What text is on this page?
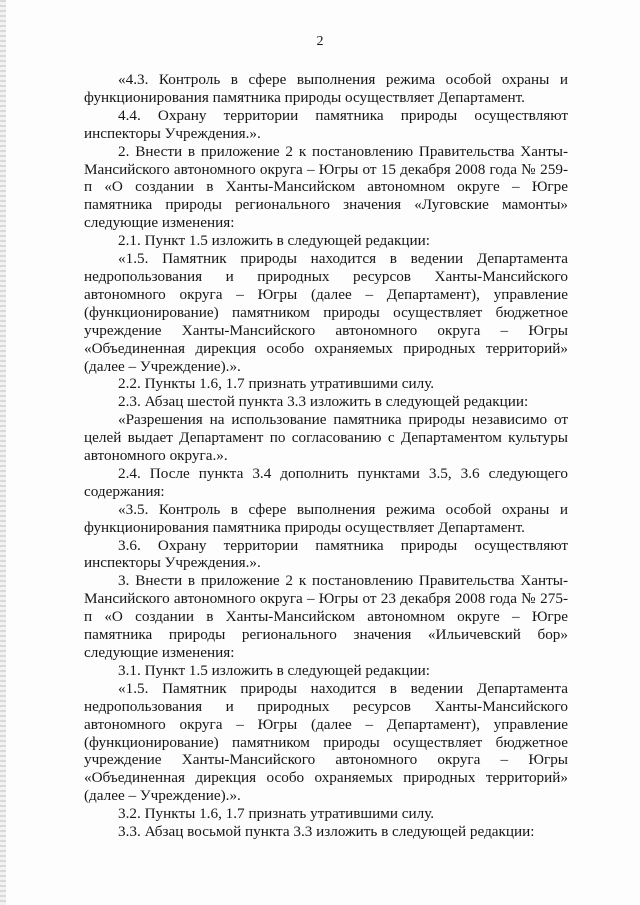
2

«4.3. Контроль в сфере выполнения режима особой охраны и функционирования памятника природы осуществляет Департамент.

4.4. Охрану территории памятника природы осуществляют инспекторы Учреждения.».

2. Внести в приложение 2 к постановлению Правительства Ханты-Мансийского автономного округа – Югры от 15 декабря 2008 года № 259-п «О создании в Ханты-Мансийском автономном округе – Югре памятника природы регионального значения «Луговские мамонты» следующие изменения:

2.1. Пункт 1.5 изложить в следующей редакции:

«1.5. Памятник природы находится в ведении Департамента недропользования и природных ресурсов Ханты-Мансийского автономного округа – Югры (далее – Департамент), управление (функционирование) памятником природы осуществляет бюджетное учреждение Ханты-Мансийского автономного округа – Югры «Объединенная дирекция особо охраняемых природных территорий» (далее – Учреждение).».

2.2. Пункты 1.6, 1.7 признать утратившими силу.

2.3. Абзац шестой пункта 3.3 изложить в следующей редакции:

«Разрешения на использование памятника природы независимо от целей выдает Департамент по согласованию с Департаментом культуры автономного округа.».

2.4. После пункта 3.4 дополнить пунктами 3.5, 3.6 следующего содержания:

«3.5. Контроль в сфере выполнения режима особой охраны и функционирования памятника природы осуществляет Департамент.

3.6. Охрану территории памятника природы осуществляют инспекторы Учреждения.».

3. Внести в приложение 2 к постановлению Правительства Ханты-Мансийского автономного округа – Югры от 23 декабря 2008 года № 275-п «О создании в Ханты-Мансийском автономном округе – Югре памятника природы регионального значения «Ильичевский бор» следующие изменения:

3.1. Пункт 1.5 изложить в следующей редакции:

«1.5. Памятник природы находится в ведении Департамента недропользования и природных ресурсов Ханты-Мансийского автономного округа – Югры (далее – Департамент), управление (функционирование) памятником природы осуществляет бюджетное учреждение Ханты-Мансийского автономного округа – Югры «Объединенная дирекция особо охраняемых природных территорий» (далее – Учреждение).».

3.2. Пункты 1.6, 1.7 признать утратившими силу.

3.3. Абзац восьмой пункта 3.3 изложить в следующей редакции:
